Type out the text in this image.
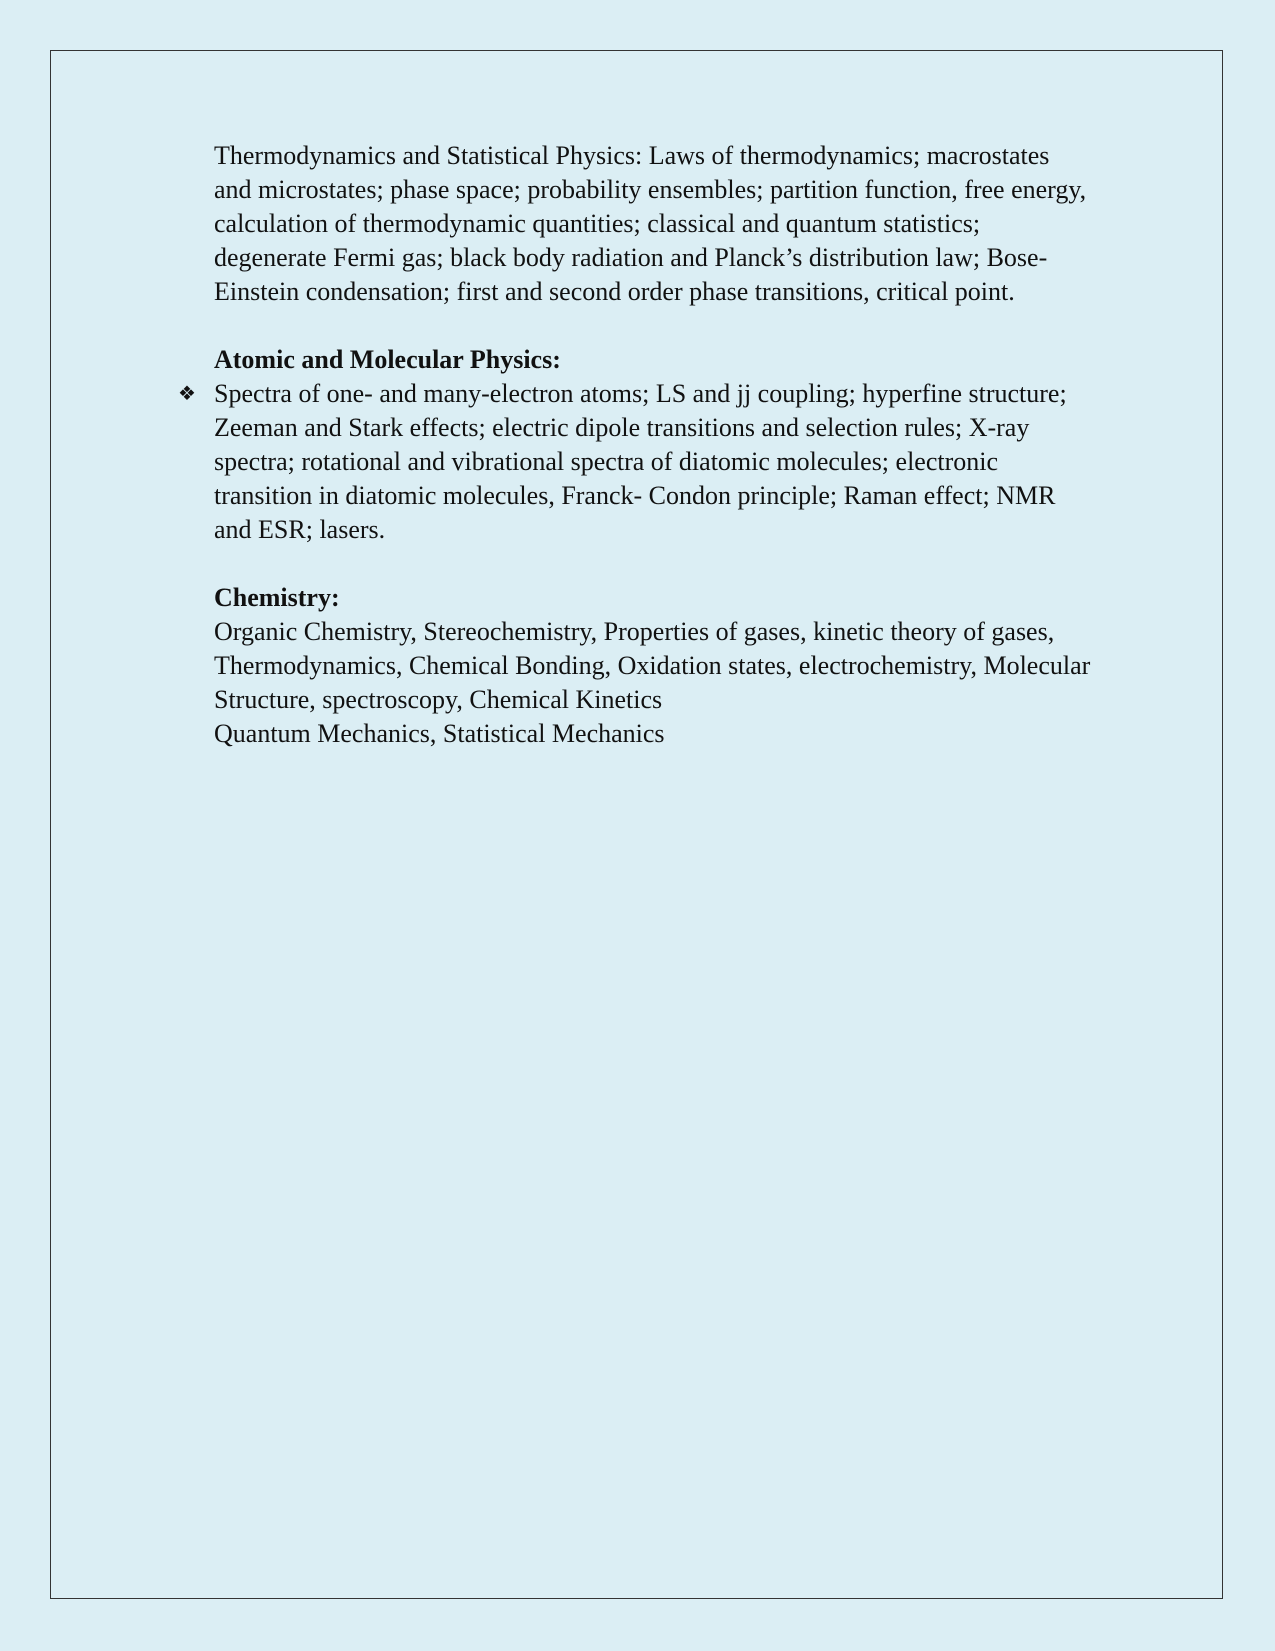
Thermodynamics and Statistical Physics: Laws of thermodynamics; macrostates
and microstates; phase space; probability ensembles; partition function, free energy,
calculation of thermodynamic quantities; classical and quantum statistics;
degenerate Fermi gas; black body radiation and Planck’s distribution law; Bose-
Einstein condensation; first and second order phase transitions, critical point.

Atomic and Molecular Physics:

❖ Spectra of one- and many-electron atoms; LS and jj coupling; hyperfine structure;
Zeeman and Stark effects; electric dipole transitions and selection rules; X-ray
spectra; rotational and vibrational spectra of diatomic molecules; electronic
transition in diatomic molecules, Franck- Condon principle; Raman effect; NMR
and ESR; lasers.

Chemistry:

Organic Chemistry, Stereochemistry, Properties of gases, kinetic theory of gases,
Thermodynamics, Chemical Bonding, Oxidation states, electrochemistry, Molecular
Structure, spectroscopy, Chemical Kinetics
Quantum Mechanics, Statistical Mechanics
